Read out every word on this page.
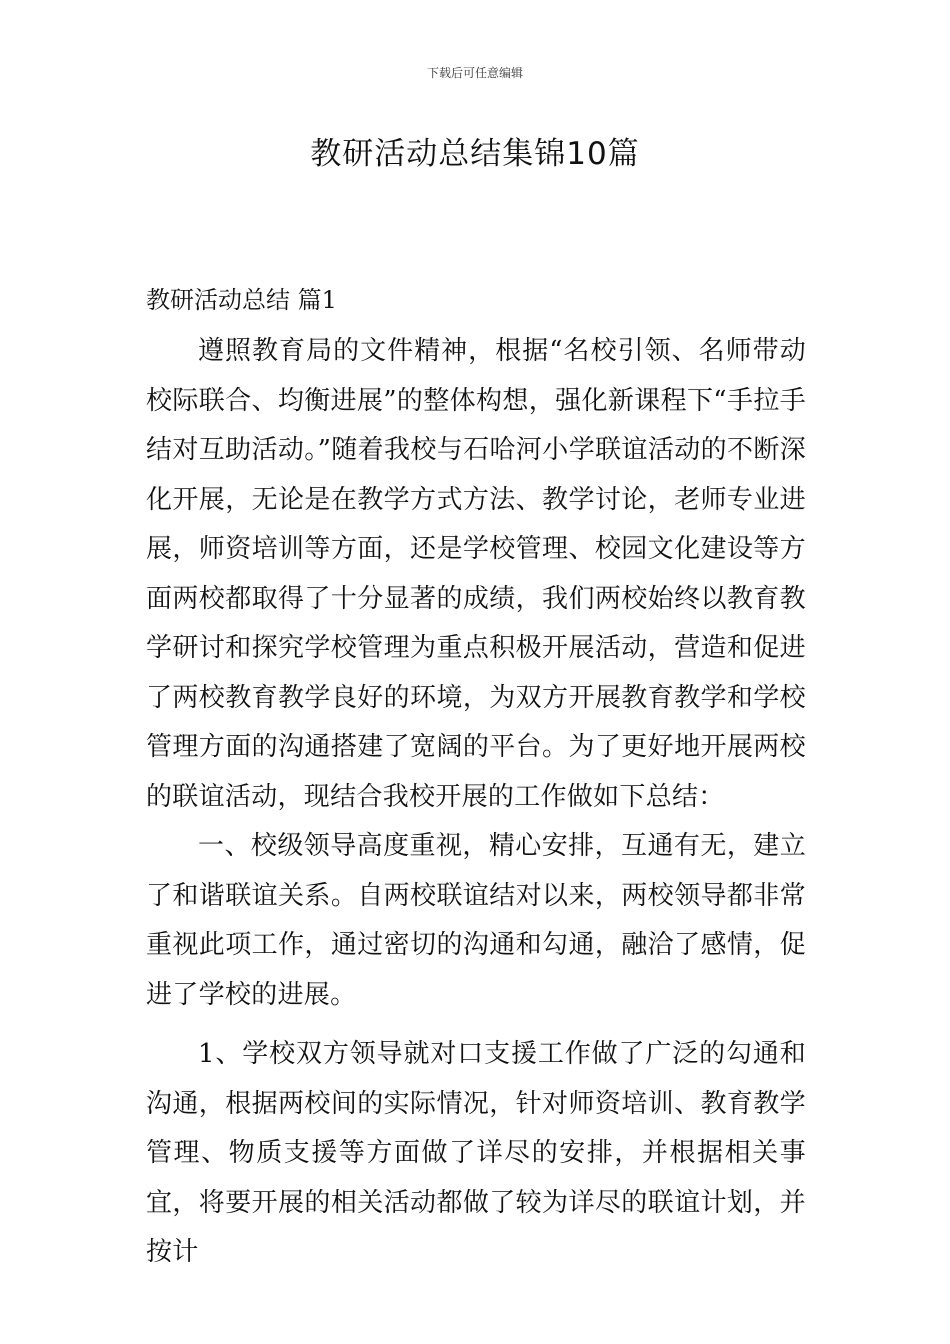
下载后可任意编辑
教研活动总结集锦10篇
教研活动总结 篇1

遵照教育局的文件精神，根据“名校引领、名师带动校际联合、均衡进展”的整体构想，强化新课程下“手拉手结对互助活动。”随着我校与石哈河小学联谊活动的不断深化开展，无论是在教学方式方法、教学讨论，老师专业进展，师资培训等方面，还是学校管理、校园文化建设等方面两校都取得了十分显著的成绩，我们两校始终以教育教学研讨和探究学校管理为重点积极开展活动，营造和促进了两校教育教学良好的环境，为双方开展教育教学和学校管理方面的沟通搭建了宽阔的平台。为了更好地开展两校的联谊活动，现结合我校开展的工作做如下总结：

一、校级领导高度重视，精心安排，互通有无，建立了和谐联谊关系。自两校联谊结对以来，两校领导都非常重视此项工作，通过密切的沟通和勾通，融洽了感情，促进了学校的进展。

1、学校双方领导就对口支援工作做了广泛的勾通和沟通，根据两校间的实际情况，针对师资培训、教育教学管理、物质支援等方面做了详尽的安排，并根据相关事宜，将要开展的相关活动都做了较为详尽的联谊计划，并按计
